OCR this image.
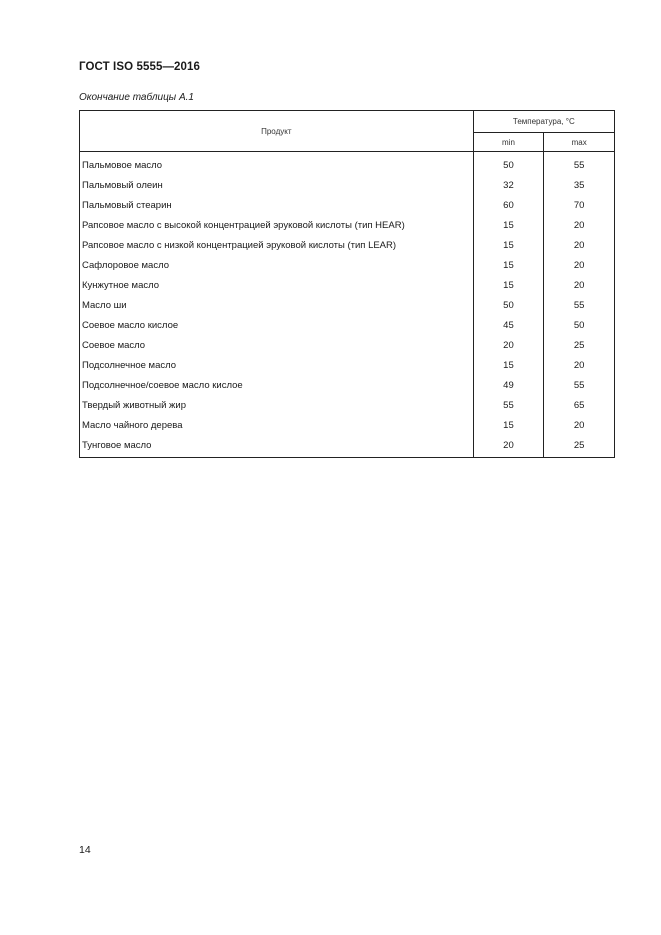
ГОСТ ISO 5555—2016
Окончание таблицы А.1
Продукт	Температура, °С	
	min	max
Пальмовое масло	50	55
Пальмовый олеин	32	35
Пальмовый стеарин	60	70
Рапсовое масло с высокой концентрацией эруковой кислоты (тип HEAR)	15	20
Рапсовое масло с низкой концентрацией эруковой кислоты (тип LEAR)	15	20
Сафлоровое масло	15	20
Кунжутное масло	15	20
Масло ши	50	55
Соевое масло кислое	45	50
Соевое масло	20	25
Подсолнечное масло	15	20
Подсолнечное/соевое масло кислое	49	55
Твердый животный жир	55	65
Масло чайного дерева	15	20
Тунговое масло	20	25
14
